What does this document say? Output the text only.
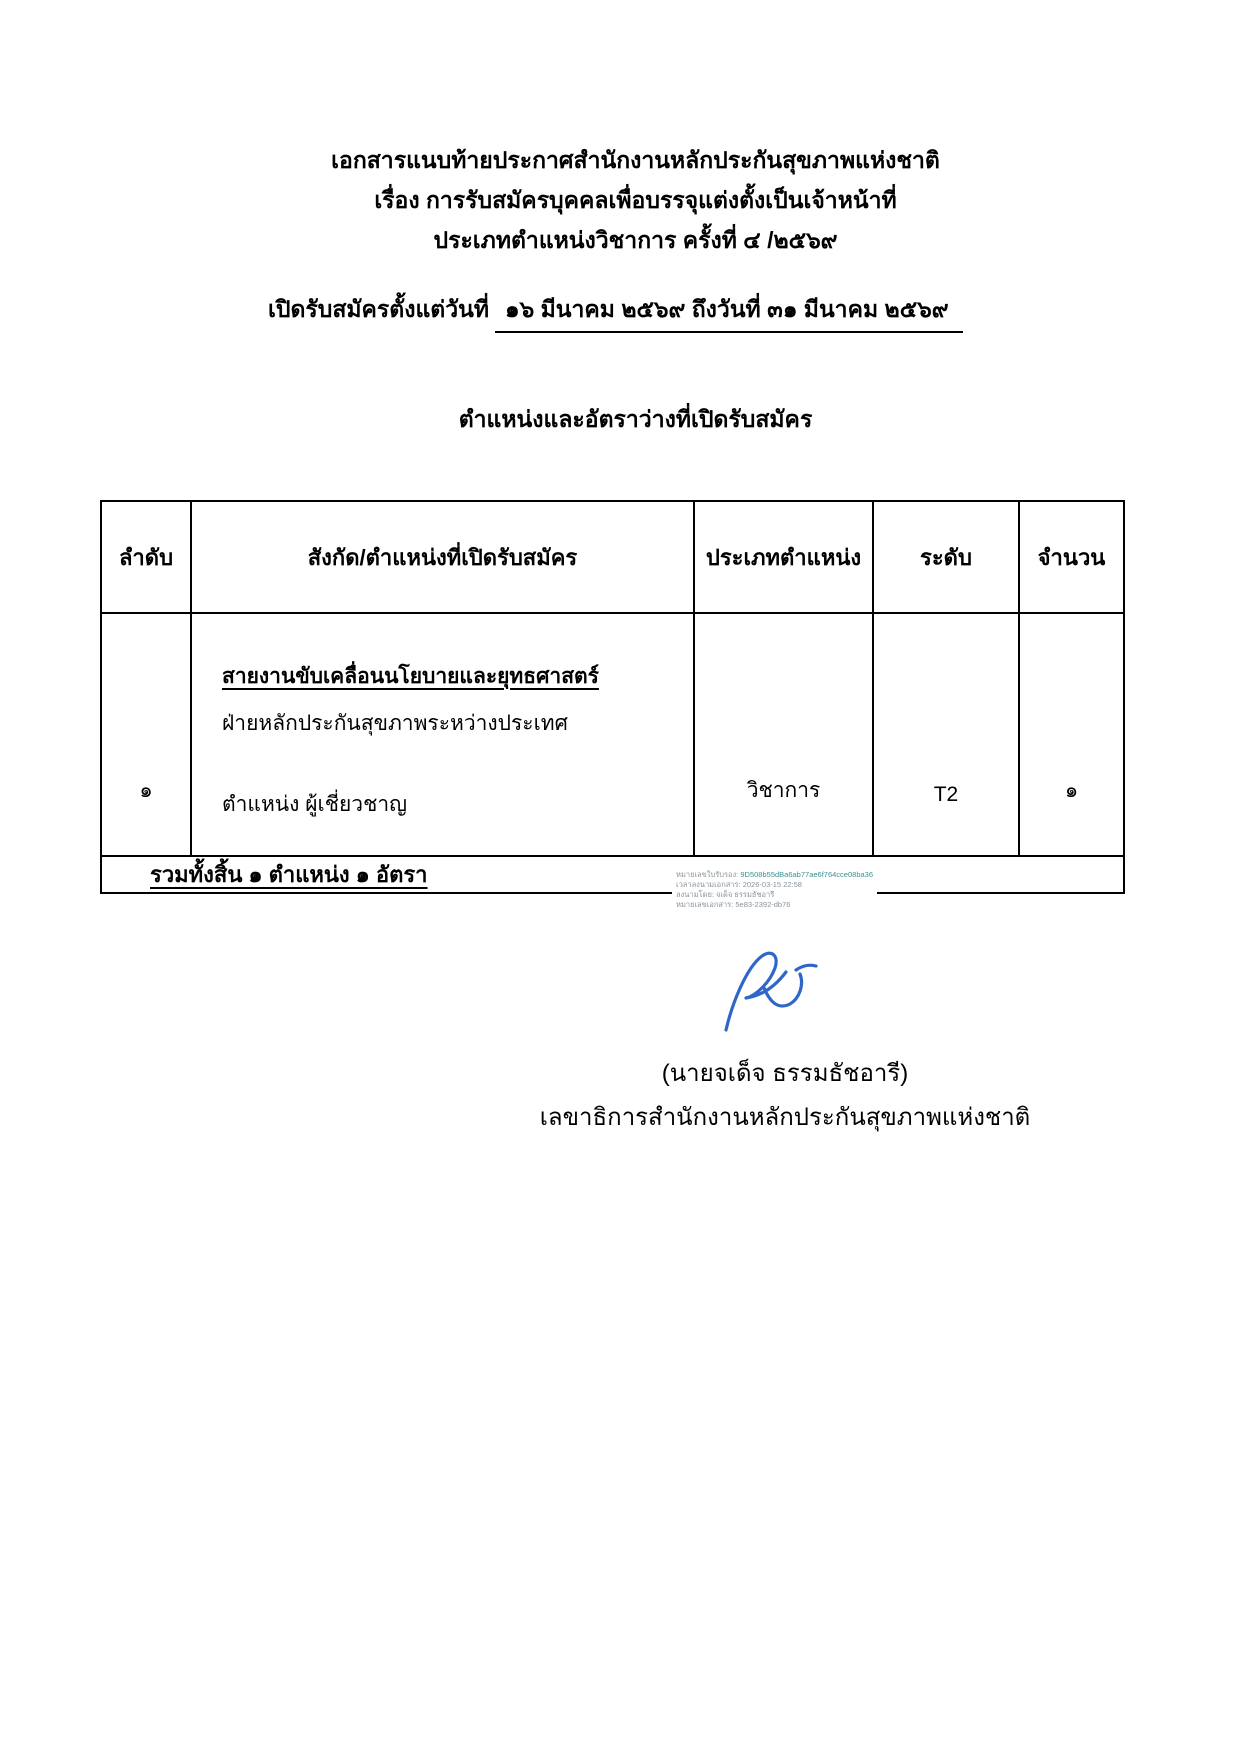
เอกสารแนบท้ายประกาศสำนักงานหลักประกันสุขภาพแห่งชาติ
เรื่อง การรับสมัครบุคคลเพื่อบรรจุแต่งตั้งเป็นเจ้าหน้าที่
ประเภทตำแหน่งวิชาการ ครั้งที่ ๔ /๒๕๖๙
เปิดรับสมัครตั้งแต่วันที่ ๑๖ มีนาคม ๒๕๖๙ ถึงวันที่ ๓๑ มีนาคม ๒๕๖๙
ตำแหน่งและอัตราว่างที่เปิดรับสมัคร
ลำดับ	สังกัด/ตำแหน่งที่เปิดรับสมัคร	ประเภทตำแหน่ง	ระดับ	จำนวน
๑	สายงานขับเคลื่อนนโยบายและยุทธศาสตร์
ฝ่ายหลักประกันสุขภาพระหว่างประเทศ
ตำแหน่ง ผู้เชี่ยวชาญ	วิชาการ	T2	๑
รวมทั้งสิ้น ๑ ตำแหน่ง ๑ อัตรา					หมายเลขใบรับรอง: 9D508b55dBa6ab77ae6f764cce08ba36
เวลาลงนามเอกสาร: 2026-03-15 22:58
ลงนามโดย: จเด็จ ธรรมธัชอารี
หมายเลขเอกสาร: 5e83-2392-db76
(นายจเด็จ ธรรมธัชอารี)
เลขาธิการสำนักงานหลักประกันสุขภาพแห่งชาติ
